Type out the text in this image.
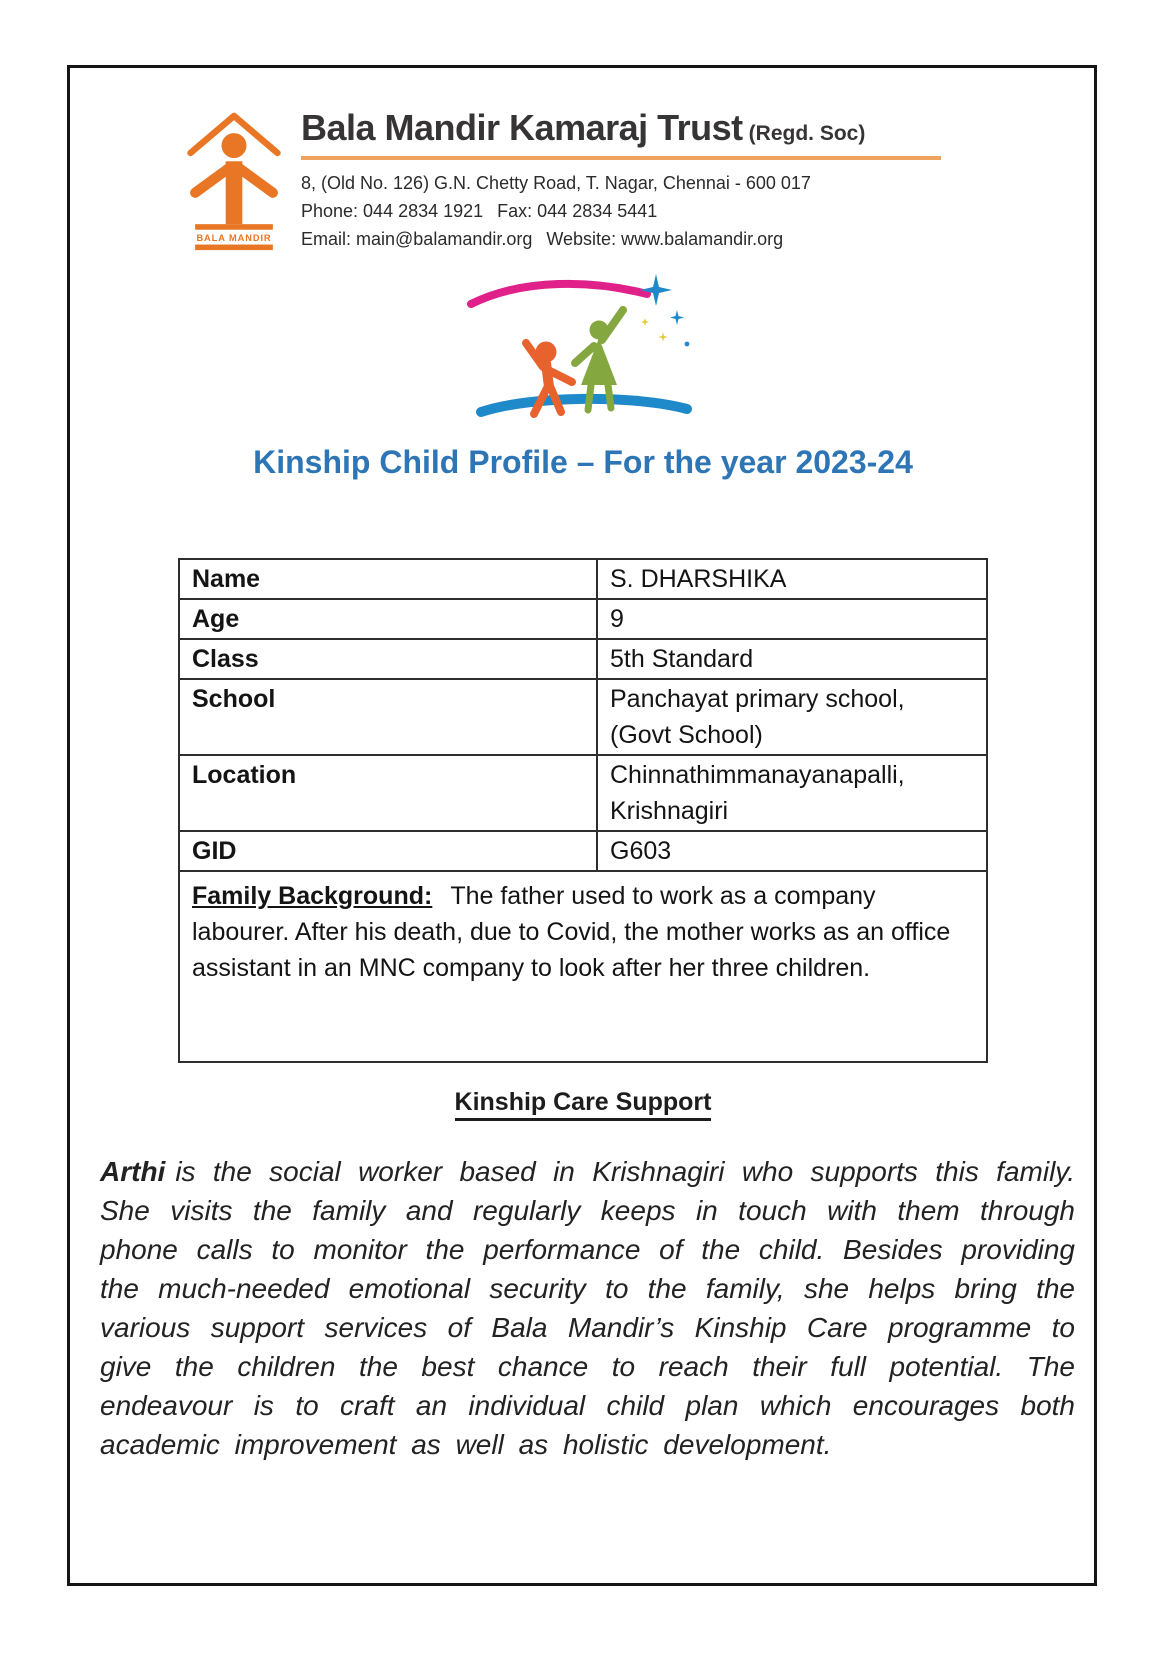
BALA MANDIR
Bala Mandir Kamaraj Trust (Regd. Soc)
8, (Old No. 126) G.N. Chetty Road, T. Nagar, Chennai - 600 017
Phone: 044 2834 1921 Fax: 044 2834 5441
Email: main@balamandir.org Website: www.balamandir.org
Kinship Child Profile – For the year 2023-24
Name	S. DHARSHIKA
Age	9
Class	5th Standard
School	Panchayat primary school,
(Govt School)

Location	Chinnathimmanayanapalli,
Krishnagiri

GID	G603
Family Background: The father used to work as a company labourer. After his death, due to Covid, the mother works as an office assistant in an MNC company to look after her three children.	
Kinship Care Support

Arthi is the social worker based in Krishnagiri who supports this family. She visits the family and regularly keeps in touch with them through phone calls to monitor the performance of the child. Besides providing the much-needed emotional security to the family, she helps bring the various support services of Bala Mandir’s Kinship Care programme to give the children the best chance to reach their full potential. The endeavour is to craft an individual child plan which encourages both academic improvement as well as holistic development.
